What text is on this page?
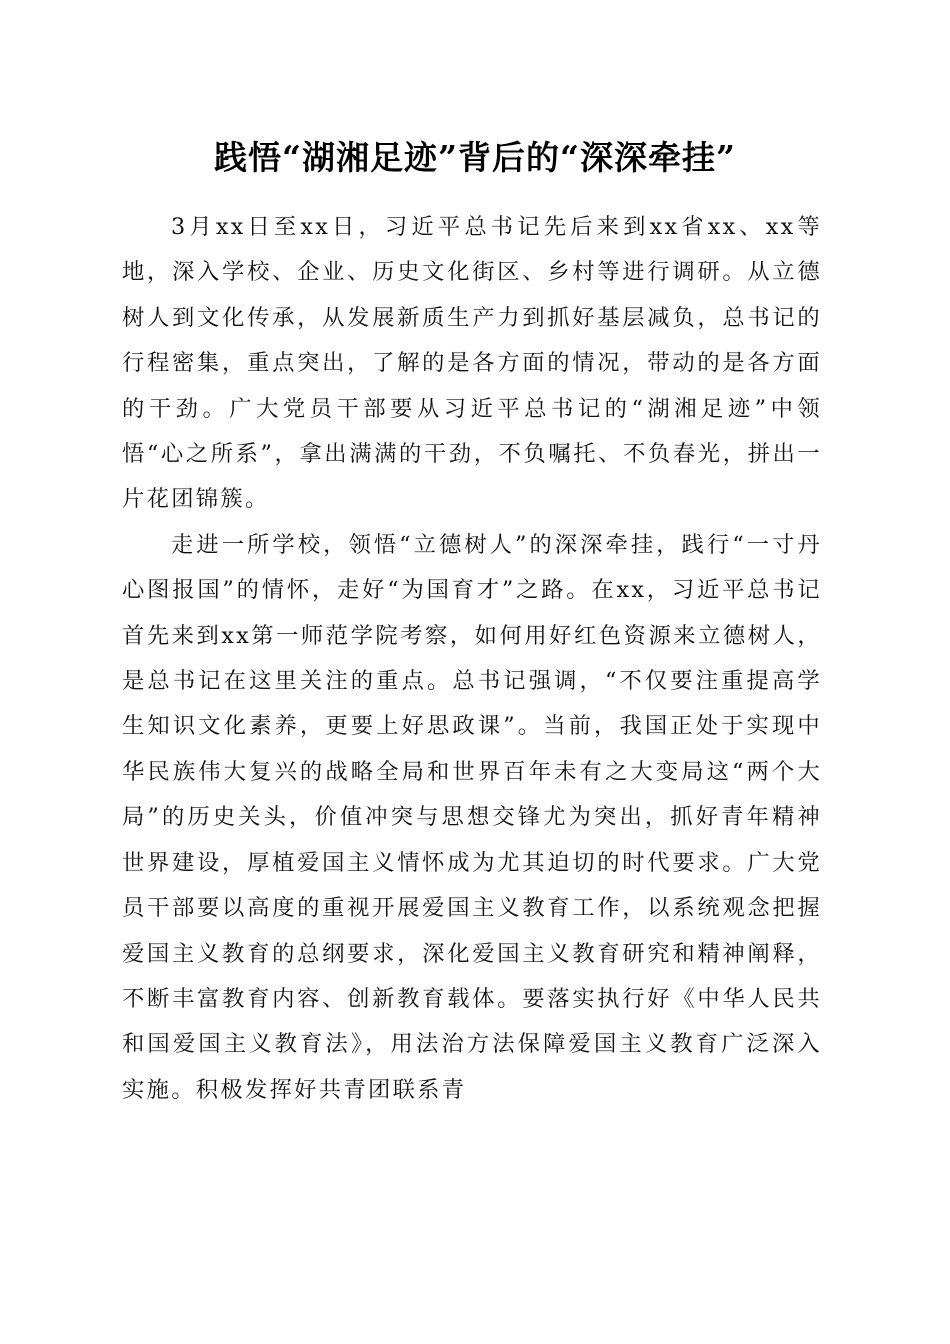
践悟“湖湘足迹”背后的“深深牵挂”

3月xx日至xx日，习近平总书记先后来到xx省xx、xx等地，深入学校、企业、历史文化街区、乡村等进行调研。从立德树人到文化传承，从发展新质生产力到抓好基层减负，总书记的行程密集，重点突出，了解的是各方面的情况，带动的是各方面的干劲。广大党员干部要从习近平总书记的“湖湘足迹”中领悟“心之所系”，拿出满满的干劲，不负嘱托、不负春光，拼出一片花团锦簇。

走进一所学校，领悟“立德树人”的深深牵挂，践行“一寸丹心图报国”的情怀，走好“为国育才”之路。在xx，习近平总书记首先来到xx第一师范学院考察，如何用好红色资源来立德树人，是总书记在这里关注的重点。总书记强调，“不仅要注重提高学生知识文化素养，更要上好思政课”。当前，我国正处于实现中华民族伟大复兴的战略全局和世界百年未有之大变局这“两个大局”的历史关头，价值冲突与思想交锋尤为突出，抓好青年精神世界建设，厚植爱国主义情怀成为尤其迫切的时代要求。广大党员干部要以高度的重视开展爱国主义教育工作，以系统观念把握爱国主义教育的总纲要求，深化爱国主义教育研究和精神阐释，不断丰富教育内容、创新教育载体。要落实执行好《中华人民共和国爱国主义教育法》，用法治方法保障爱国主义教育广泛深入实施。积极发挥好共青团联系青
